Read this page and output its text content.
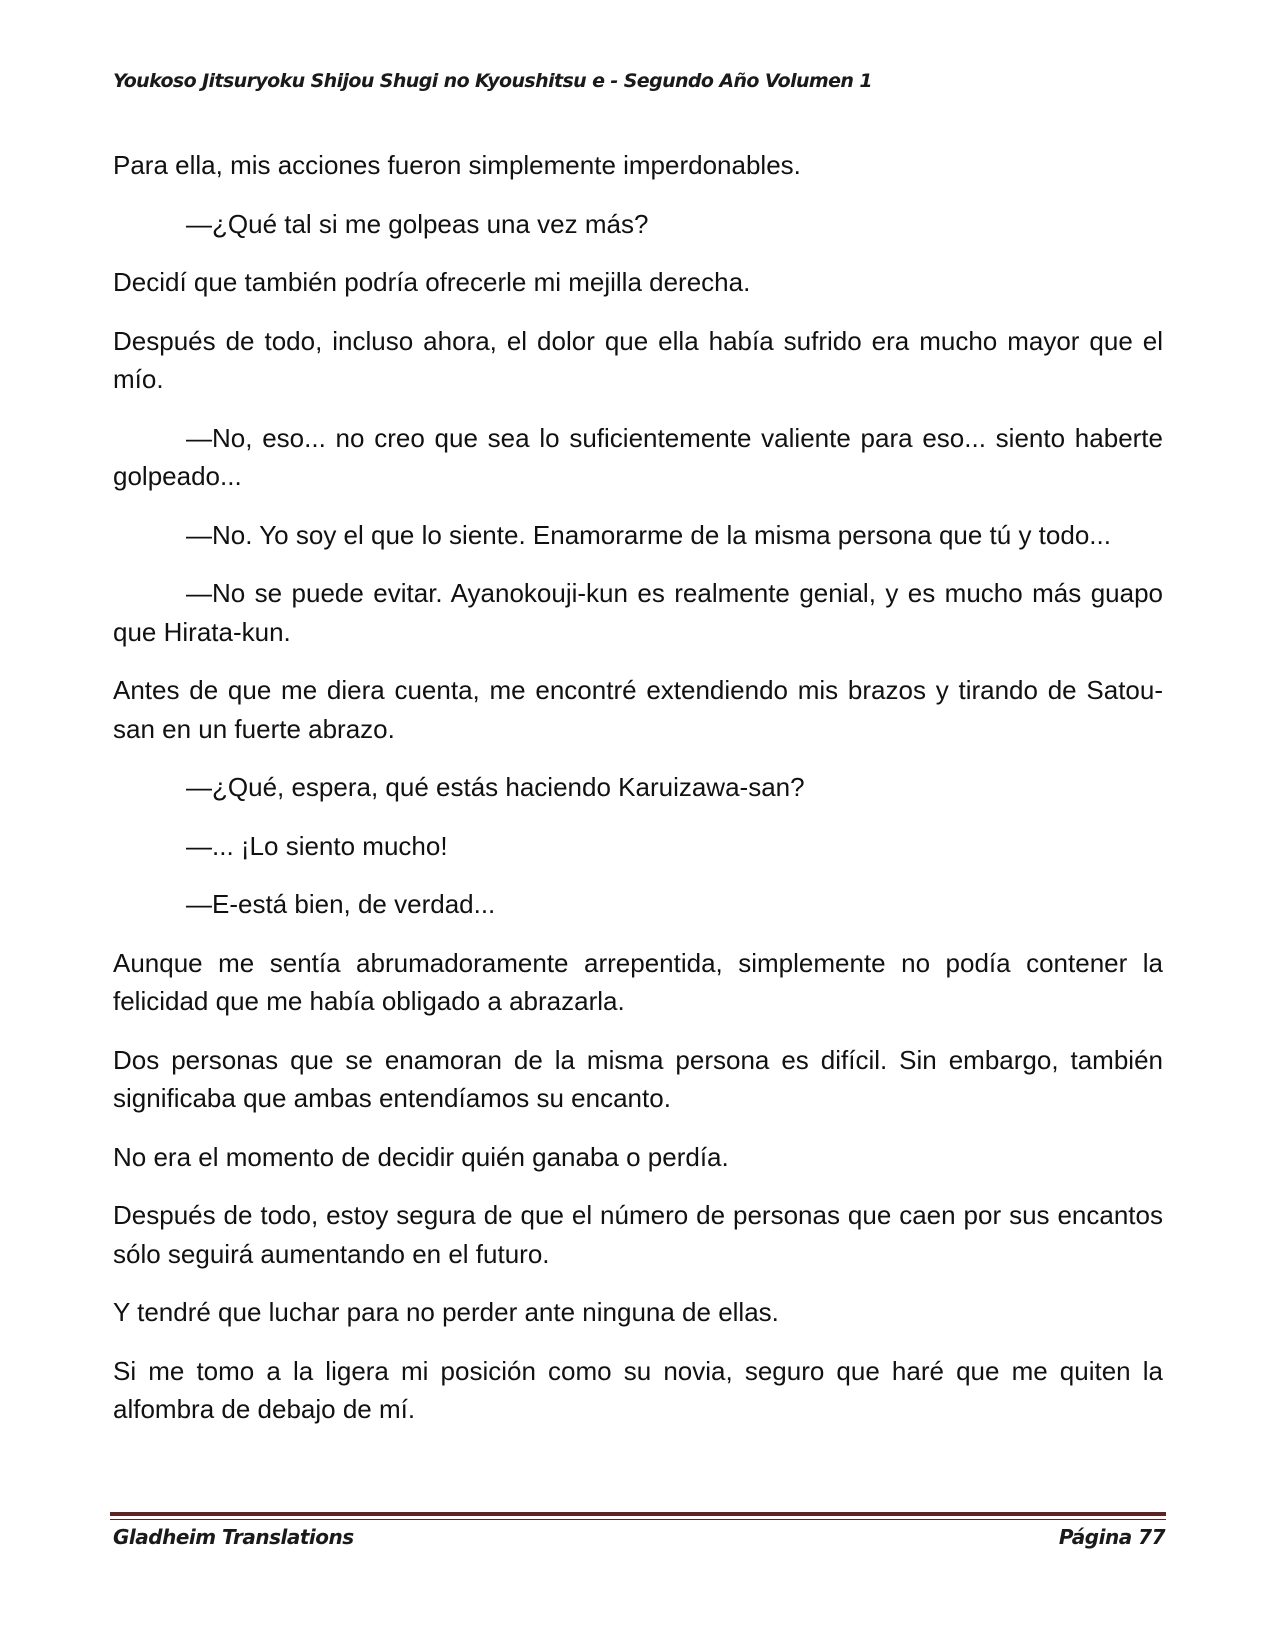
Youkoso Jitsuryoku Shijou Shugi no Kyoushitsu e - Segundo Año Volumen 1

Para ella, mis acciones fueron simplemente imperdonables.

—¿Qué tal si me golpeas una vez más?

Decidí que también podría ofrecerle mi mejilla derecha.

Después de todo, incluso ahora, el dolor que ella había sufrido era mucho mayor que el mío.

—No, eso... no creo que sea lo suficientemente valiente para eso... siento haberte golpeado...

—No. Yo soy el que lo siente. Enamorarme de la misma persona que tú y todo...

—No se puede evitar. Ayanokouji-kun es realmente genial, y es mucho más guapo que Hirata-kun.

Antes de que me diera cuenta, me encontré extendiendo mis brazos y tirando de Satou-san en un fuerte abrazo.

—¿Qué, espera, qué estás haciendo Karuizawa-san?

—... ¡Lo siento mucho!

—E-está bien, de verdad...

Aunque me sentía abrumadoramente arrepentida, simplemente no podía contener la felicidad que me había obligado a abrazarla.

Dos personas que se enamoran de la misma persona es difícil. Sin embargo, también significaba que ambas entendíamos su encanto.

No era el momento de decidir quién ganaba o perdía.

Después de todo, estoy segura de que el número de personas que caen por sus encantos sólo seguirá aumentando en el futuro.

Y tendré que luchar para no perder ante ninguna de ellas.

Si me tomo a la ligera mi posición como su novia, seguro que haré que me quiten la alfombra de debajo de mí.

Gladheim Translations	Página 77
